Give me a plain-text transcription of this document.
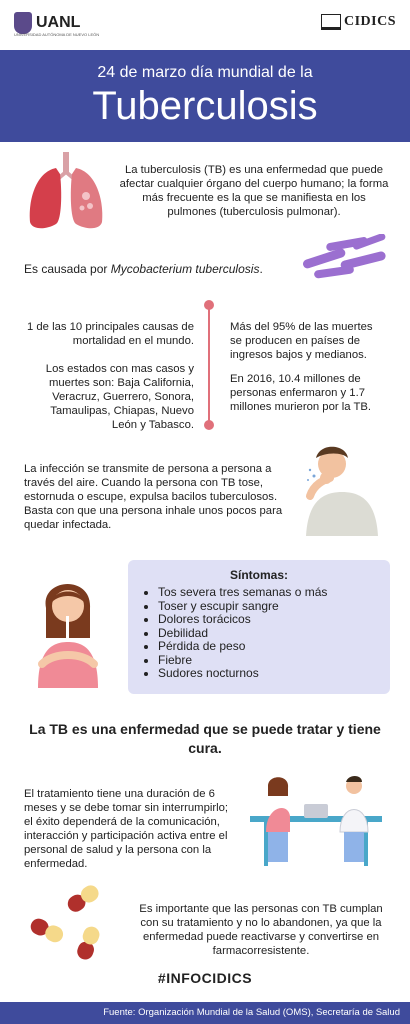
UANL
UNIVERSIDAD AUTÓNOMA DE NUEVO LEÓN
CIDICS
24 de marzo día mundial de la
Tuberculosis
La tuberculosis (TB) es una enfermedad que puede afectar cualquier órgano del cuerpo humano; la forma más frecuente es la que se manifiesta en los pulmones (tuberculosis pulmonar).
Es causada por Mycobacterium tuberculosis.
1 de las 10 principales causas de mortalidad en el mundo.
Los estados con mas casos y muertes son: Baja California, Veracruz, Guerrero, Sonora, Tamaulipas, Chiapas, Nuevo León y Tabasco.
Más del 95% de las muertes se producen en países de ingresos bajos y medianos.
En 2016, 10.4 millones de personas enfermaron y 1.7 millones murieron por la TB.
La infección se transmite de persona a persona a través del aire. Cuando la persona con TB tose, estornuda o escupe, expulsa bacilos tuberculosos. Basta con que una persona inhale unos pocos para quedar infectada.
Síntomas:
• Tos severa tres semanas o más
• Toser y escupir sangre
• Dolores torácicos
• Debilidad
• Pérdida de peso
• Fiebre
• Sudores nocturnos
La TB es una enfermedad que se puede tratar y tiene cura.
El tratamiento tiene una duración de 6 meses y se debe tomar sin interrumpirlo; el éxito dependerá de la comunicación, interacción y participación activa entre el personal de salud y la persona con la enfermedad.
Es importante que las personas con TB cumplan con su tratamiento y no lo abandonen, ya que la enfermedad puede reactivarse y convertirse en farmacorresistente.
#INFOCIDICS
Fuente: Organización Mundial de la Salud (OMS), Secretaría de Salud
